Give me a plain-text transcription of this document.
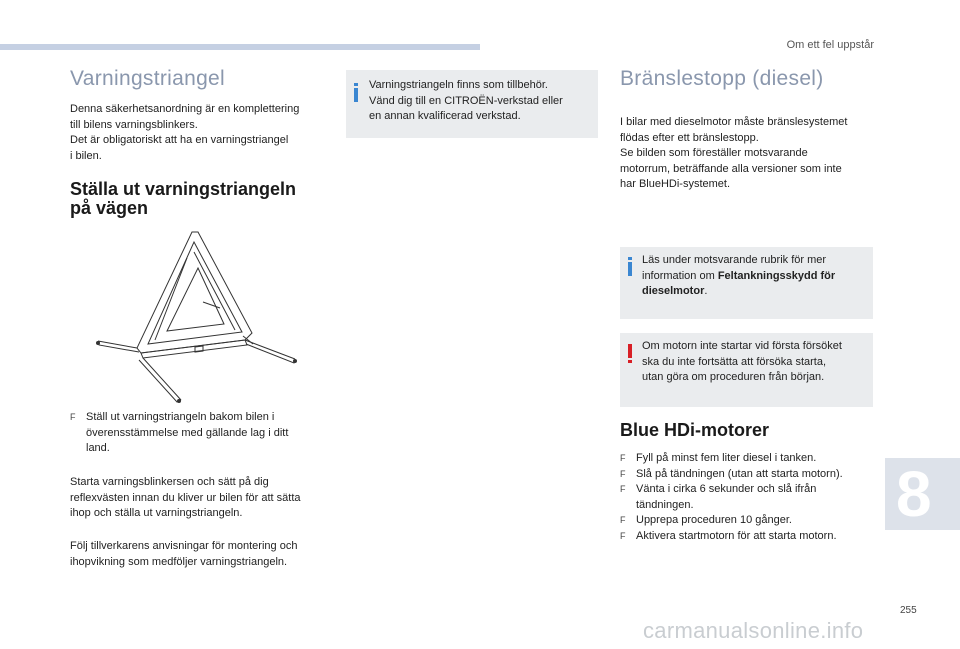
Om ett fel uppstår
Varningstriangel
Denna säkerhetsanordning är en komplettering
till bilens varningsblinkers.
Det är obligatoriskt att ha en varningstriangel
i bilen.
Ställa ut varningstriangeln
på vägen
F Ställ ut varningstriangeln bakom bilen i
överensstämmelse med gällande lag i ditt
land.
Starta varningsblinkersen och sätt på dig
reflexvästen innan du kliver ur bilen för att sätta
ihop och ställa ut varningstriangeln.
Följ tillverkarens anvisningar för montering och
ihopvikning som medföljer varningstriangeln.
Varningstriangeln finns som tillbehör.
Vänd dig till en CITROËN-verkstad eller
en annan kvalificerad verkstad.
Bränslestopp (diesel)
I bilar med dieselmotor måste bränslesystemet
flödas efter ett bränslestopp.
Se bilden som föreställer motsvarande
motorrum, beträffande alla versioner som inte
har BlueHDi-systemet.
Läs under motsvarande rubrik för mer
information om Feltankningsskydd för
dieselmotor.
Om motorn inte startar vid första försöket
ska du inte fortsätta att försöka starta,
utan göra om proceduren från början.
Blue HDi-motorer
F Fyll på minst fem liter diesel i tanken.
F Slå på tändningen (utan att starta motorn).
F Vänta i cirka 6 sekunder och slå ifrån
tändningen.
F Upprepa proceduren 10 gånger.
F Aktivera startmotorn för att starta motorn.
8
255
carmanualsonline.info
